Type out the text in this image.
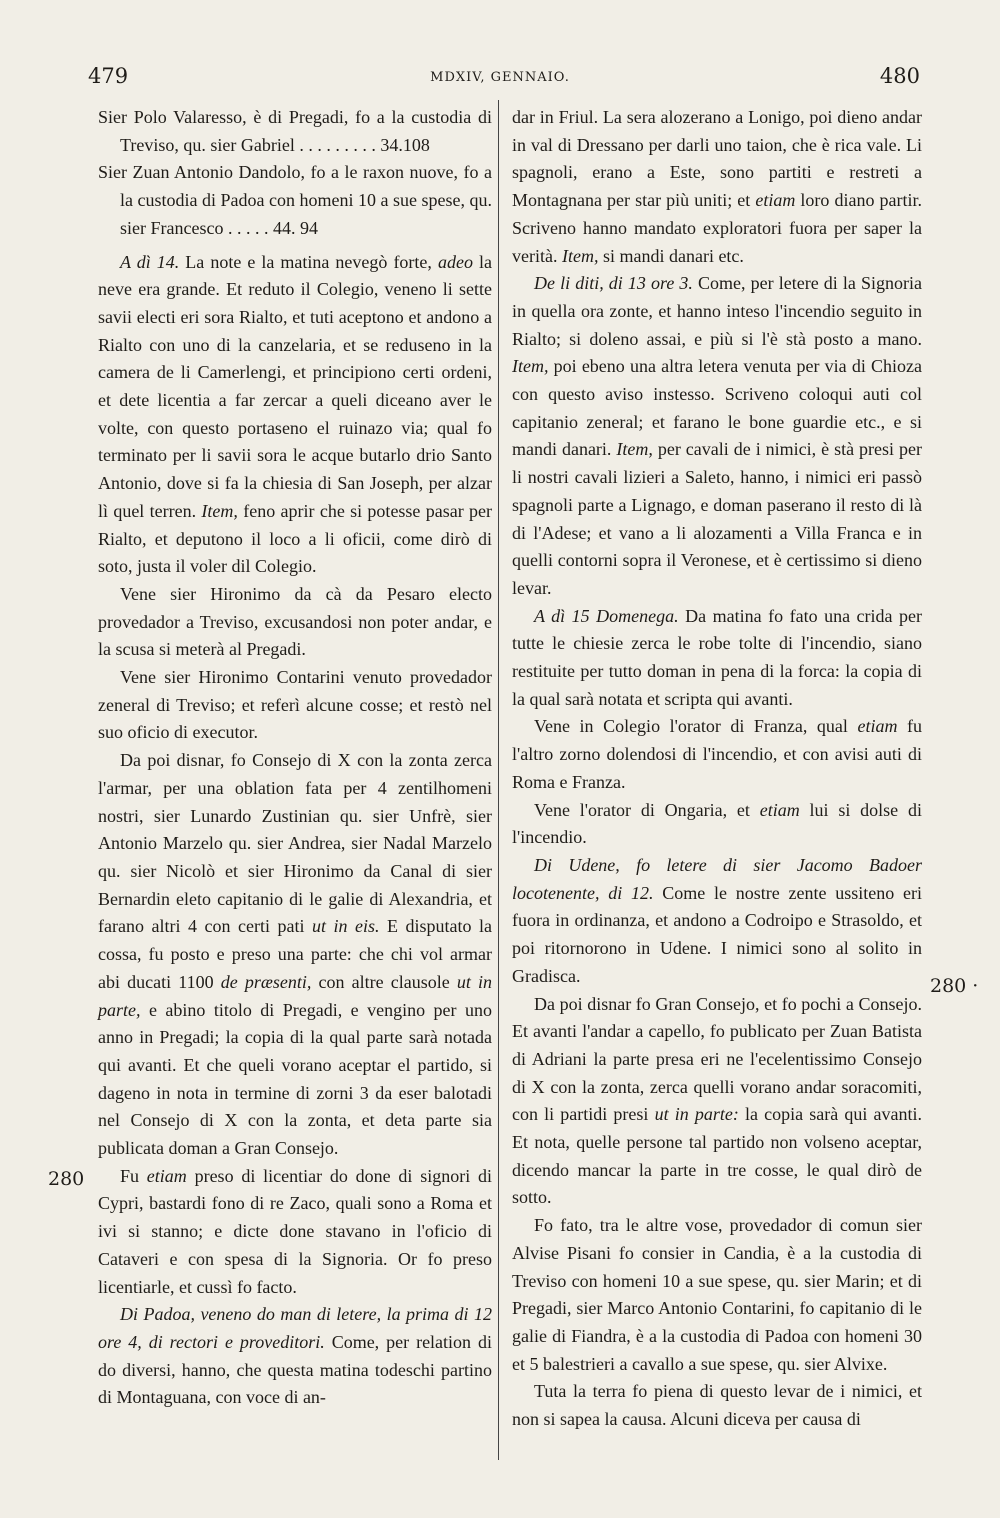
479	MDXIV, GENNAIO.	480
280
280 ·

Sier Polo Valaresso, è di Pregadi, fo a la custodia di Treviso, qu. sier Gabriel . . . . . . . . . 34.108

Sier Zuan Antonio Dandolo, fo a le raxon nuove, fo a la custodia di Padoa con homeni 10 a sue spese, qu. sier Francesco . . . . . 44. 94

A dì 14. La note e la matina nevegò forte, adeo la neve era grande. Et reduto il Colegio, veneno li sette savii electi eri sora Rialto, et tuti aceptono et andono a Rialto con uno di la canzelaria, et se reduseno in la camera de li Camerlengi, et principiono certi ordeni, et dete licentia a far zercar a queli diceano aver le volte, con questo portaseno el ruinazo via; qual fo terminato per li savii sora le acque butarlo drio Santo Antonio, dove si fa la chiesia di San Joseph, per alzar lì quel terren. Item, feno aprir che si potesse pasar per Rialto, et deputono il loco a li oficii, come dirò di soto, justa il voler dil Colegio.

Vene sier Hironimo da cà da Pesaro electo provedador a Treviso, excusandosi non poter andar, e la scusa si meterà al Pregadi.

Vene sier Hironimo Contarini venuto provedador zeneral di Treviso; et referì alcune cosse; et restò nel suo oficio di executor.

Da poi disnar, fo Consejo di X con la zonta zerca l'armar, per una oblation fata per 4 zentilhomeni nostri, sier Lunardo Zustinian qu. sier Unfrè, sier Antonio Marzelo qu. sier Andrea, sier Nadal Marzelo qu. sier Nicolò et sier Hironimo da Canal di sier Bernardin eleto capitanio di le galie di Alexandria, et farano altri 4 con certi pati ut in eis. E disputato la cossa, fu posto e preso una parte: che chi vol armar abi ducati 1100 de præsenti, con altre clausole ut in parte, e abino titolo di Pregadi, e vengino per uno anno in Pregadi; la copia di la qual parte sarà notada qui avanti. Et che queli vorano aceptar el partido, si dageno in nota in termine di zorni 3 da eser balotadi nel Consejo di X con la zonta, et deta parte sia publicata doman a Gran Consejo.

Fu etiam preso di licentiar do done di signori di Cypri, bastardi fono di re Zaco, quali sono a Roma et ivi si stanno; e dicte done stavano in l'oficio di Cataveri e con spesa di la Signoria. Or fo preso licentiarle, et cussì fo facto.

Di Padoa, veneno do man di letere, la prima di 12 ore 4, di rectori e proveditori. Come, per relation di do diversi, hanno, che questa matina todeschi partino di Montaguana, con voce di an-

dar in Friul. La sera alozerano a Lonigo, poi dieno andar in val di Dressano per darli uno taion, che è rica vale. Li spagnoli, erano a Este, sono partiti e restreti a Montagnana per star più uniti; et etiam loro diano partir. Scriveno hanno mandato exploratori fuora per saper la verità. Item, si mandi danari etc.

De li diti, di 13 ore 3. Come, per letere di la Signoria in quella ora zonte, et hanno inteso l'incendio seguito in Rialto; si doleno assai, e più si l'è stà posto a mano. Item, poi ebeno una altra letera venuta per via di Chioza con questo aviso instesso. Scriveno coloqui auti col capitanio zeneral; et farano le bone guardie etc., e si mandi danari. Item, per cavali de i nimici, è stà presi per li nostri cavali lizieri a Saleto, hanno, i nimici eri passò spagnoli parte a Lignago, e doman paserano il resto di là di l'Adese; et vano a li alozamenti a Villa Franca e in quelli contorni sopra il Veronese, et è certissimo si dieno levar.

A dì 15 Domenega. Da matina fo fato una crida per tutte le chiesie zerca le robe tolte di l'incendio, siano restituite per tutto doman in pena di la forca: la copia di la qual sarà notata et scripta qui avanti.

Vene in Colegio l'orator di Franza, qual etiam fu l'altro zorno dolendosi di l'incendio, et con avisi auti di Roma e Franza.

Vene l'orator di Ongaria, et etiam lui si dolse di l'incendio.

Di Udene, fo letere di sier Jacomo Badoer locotenente, di 12. Come le nostre zente ussiteno eri fuora in ordinanza, et andono a Codroipo e Strasoldo, et poi ritornorono in Udene. I nimici sono al solito in Gradisca.

Da poi disnar fo Gran Consejo, et fo pochi a Consejo. Et avanti l'andar a capello, fo publicato per Zuan Batista di Adriani la parte presa eri ne l'ecelentissimo Consejo di X con la zonta, zerca quelli vorano andar soracomiti, con li partidi presi ut in parte: la copia sarà qui avanti. Et nota, quelle persone tal partido non volseno aceptar, dicendo mancar la parte in tre cosse, le qual dirò de sotto.

Fo fato, tra le altre vose, provedador di comun sier Alvise Pisani fo consier in Candia, è a la custodia di Treviso con homeni 10 a sue spese, qu. sier Marin; et di Pregadi, sier Marco Antonio Contarini, fo capitanio di le galie di Fiandra, è a la custodia di Padoa con homeni 30 et 5 balestrieri a cavallo a sue spese, qu. sier Alvixe.

Tuta la terra fo piena di questo levar de i nimici, et non si sapea la causa. Alcuni diceva per causa di
